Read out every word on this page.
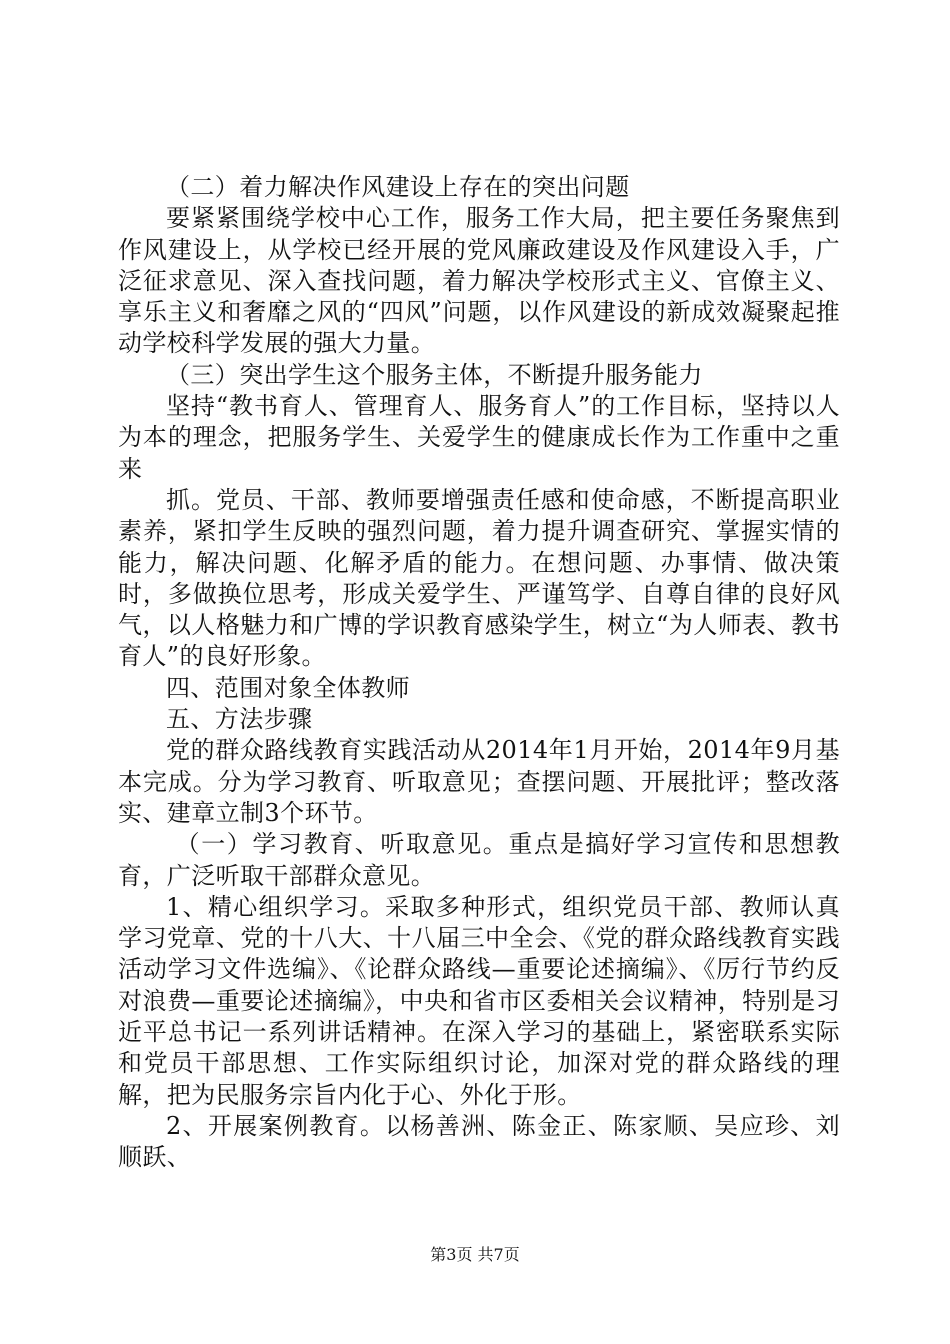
（二）着力解决作风建设上存在的突出问题

要紧紧围绕学校中心工作，服务工作大局，把主要任务聚焦到作风建设上，从学校已经开展的党风廉政建设及作风建设入手，广泛征求意见、深入查找问题，着力解决学校形式主义、官僚主义、享乐主义和奢靡之风的“四风”问题，以作风建设的新成效凝聚起推动学校科学发展的强大力量。

（三）突出学生这个服务主体，不断提升服务能力

坚持“教书育人、管理育人、服务育人”的工作目标，坚持以人为本的理念，把服务学生、关爱学生的健康成长作为工作重中之重来

抓。党员、干部、教师要增强责任感和使命感，不断提高职业素养，紧扣学生反映的强烈问题，着力提升调查研究、掌握实情的能力，解决问题、化解矛盾的能力。在想问题、办事情、做决策时，多做换位思考，形成关爱学生、严谨笃学、自尊自律的良好风气，以人格魅力和广博的学识教育感染学生，树立“为人师表、教书育人”的良好形象。

四、范围对象全体教师

五、方法步骤

党的群众路线教育实践活动从2014年1月开始，2014年9月基本完成。分为学习教育、听取意见；查摆问题、开展批评；整改落实、建章立制3个环节。

（一）学习教育、听取意见。重点是搞好学习宣传和思想教育，广泛听取干部群众意见。

1、精心组织学习。采取多种形式，组织党员干部、教师认真学习党章、党的十八大、十八届三中全会、《党的群众路线教育实践活动学习文件选编》、《论群众路线—重要论述摘编》、《厉行节约反对浪费—重要论述摘编》，中央和省市区委相关会议精神，特别是习近平总书记一系列讲话精神。在深入学习的基础上，紧密联系实际和党员干部思想、工作实际组织讨论，加深对党的群众路线的理解，把为民服务宗旨内化于心、外化于形。

2、开展案例教育。以杨善洲、陈金正、陈家顺、吴应珍、刘顺跃、

第3页 共7页
